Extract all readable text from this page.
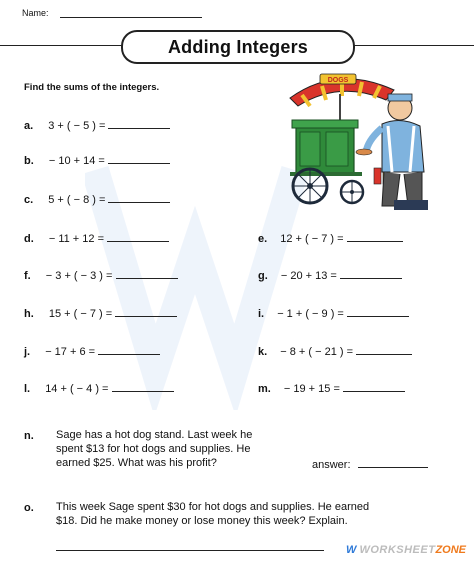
Name:
Adding Integers
Find the sums of the integers.
DOGS
a. 3 + ( − 5 ) =
b. − 10 + 14 =
c. 5 + ( − 8 ) =
d. − 11 + 12 =	e. 12 + ( − 7 ) =
f. − 3 + ( − 3 ) =	g. − 20 + 13 =
h. 15 + ( − 7 ) =	i. − 1 + ( − 9 ) =
j. − 17 + 6 =	k. − 8 + ( − 21 ) =
l. 14 + ( − 4 ) =	m. − 19 + 15 =
n. Sage has a hot dog stand. Last week he
spent $13 for hot dogs and supplies. He
earned $25. What was his profit?	answer:
o. This week Sage spent $30 for hot dogs and supplies. He earned
$18. Did he make money or lose money this week? Explain.
W WORKSHEETZONE
